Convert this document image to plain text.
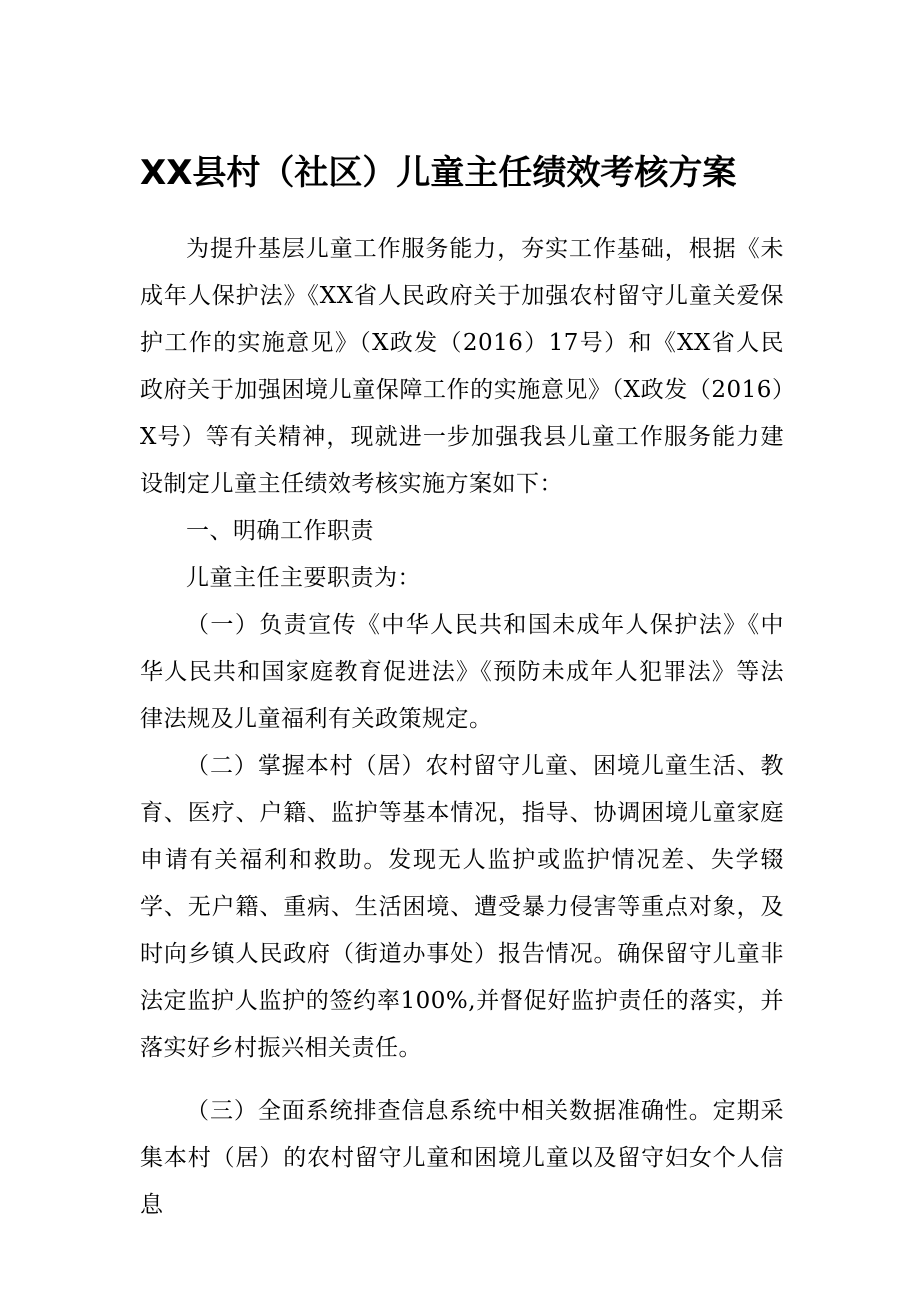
XX县村（社区）儿童主任绩效考核方案

为提升基层儿童工作服务能力，夯实工作基础，根据《未成年人保护法》《XX省人民政府关于加强农村留守儿童关爱保护工作的实施意见》（X政发（2016）17号）和《XX省人民政府关于加强困境儿童保障工作的实施意见》（X政发（2016）X号）等有关精神，现就进一步加强我县儿童工作服务能力建设制定儿童主任绩效考核实施方案如下：

一、明确工作职责

儿童主任主要职责为：

（一）负责宣传《中华人民共和国未成年人保护法》《中华人民共和国家庭教育促进法》《预防未成年人犯罪法》等法律法规及儿童福利有关政策规定。

（二）掌握本村（居）农村留守儿童、困境儿童生活、教育、医疗、户籍、监护等基本情况，指导、协调困境儿童家庭申请有关福利和救助。发现无人监护或监护情况差、失学辍学、无户籍、重病、生活困境、遭受暴力侵害等重点对象，及时向乡镇人民政府（街道办事处）报告情况。确保留守儿童非法定监护人监护的签约率100%,并督促好监护责任的落实，并落实好乡村振兴相关责任。

（三）全面系统排查信息系统中相关数据准确性。定期采集本村（居）的农村留守儿童和困境儿童以及留守妇女个人信息
